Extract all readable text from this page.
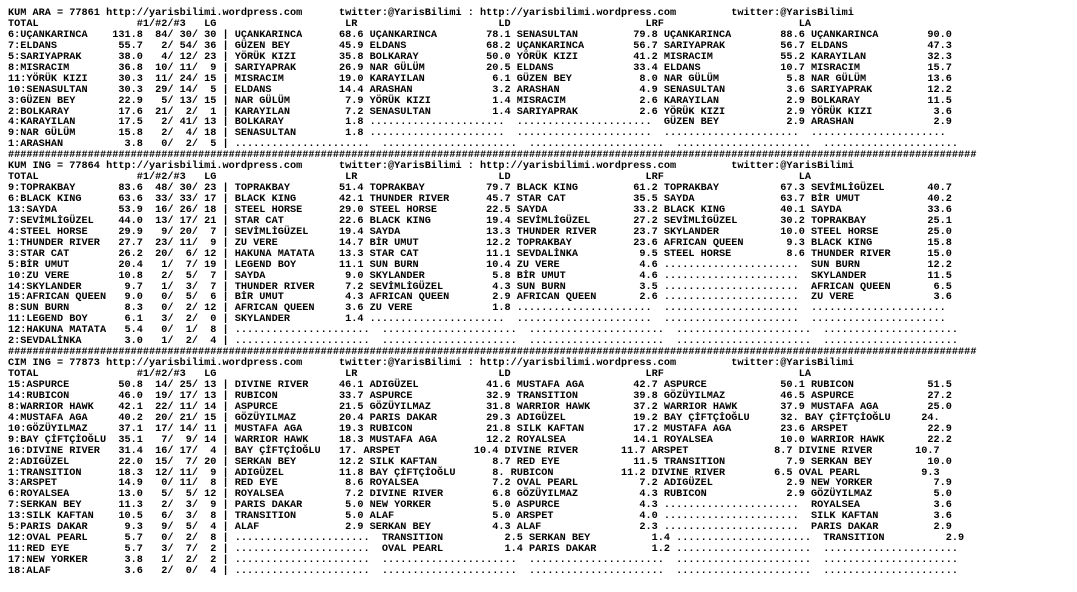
KUM ARA = 77861 http://yarisbilimi.wordpress.com      twitter:@YarisBilimi : http://yarisbilimi.wordpress.com         twitter:@YarisBilimi
TOTAL                #1/#2/#3   LG                     LR                       LD                      LRF                      LA
6:UÇANKARINCA    131.8  84/ 30/ 30 | UÇANKARINCA      68.6 UÇANKARINCA        78.1 SENASULTAN         79.8 UÇANKARINCA        88.6 UÇANKARINCA        90.0
7:ELDANS          55.7   2/ 54/ 36 | GÜZEN BEY        45.9 ELDANS             68.2 UÇANKARINCA        56.7 SARIYAPRAK         56.7 ELDANS             47.3
5:SARIYAPRAK      38.0   4/ 12/ 23 | YÖRÜK KIZI       35.8 BOLKARAY           50.0 YÖRÜK KIZI         41.2 MISRACIM           55.2 KARAYILAN          32.3
8:MISRACIM        36.8  10/ 11/  9 | SARIYAPRAK       26.9 NAR GÜLÜM          20.5 ELDANS             33.4 ELDANS             10.7 MISRACIM           15.7
11:YÖRÜK KIZI     30.3  11/ 24/ 15 | MISRACIM         19.0 KARAYILAN           6.1 GÜZEN BEY           8.0 NAR GÜLÜM           5.8 NAR GÜLÜM          13.6
10:SENASULTAN     30.3  29/ 14/  5 | ELDANS           14.4 ARASHAN             3.2 ARASHAN             4.9 SENASULTAN          3.6 SARIYAPRAK         12.2
3:GÜZEN BEY       22.9   5/ 13/ 15 | NAR GÜLÜM         7.9 YÖRÜK KIZI          1.4 MISRACIM            2.6 KARAYILAN           2.9 BOLKARAY           11.5
2:BOLKARAY        17.6  21/  2/  1 | KARAYILAN         7.2 SENASULTAN          1.4 SARIYAPRAK          2.6 YÖRÜK KIZI          2.9 YÖRÜK KIZI          3.6
4:KARAYILAN       17.5   2/ 41/ 13 | BOLKARAY          1.8 ......................  ......................  GÜZEN BEY           2.9 ARASHAN             2.9
9:NAR GÜLÜM       15.8   2/  4/ 18 | SENASULTAN        1.8 ......................  ......................  ......................  ......................
1:ARASHAN          3.8   0/  2/  5 | ......................  ......................  ......................  ......................  ......................
##############################################################################################################################################################
KUM ING = 77864 http://yarisbilimi.wordpress.com      twitter:@YarisBilimi : http://yarisbilimi.wordpress.com         twitter:@YarisBilimi
TOTAL                #1/#2/#3   LG                     LR                       LD                      LRF                      LA
9:TOPRAKBAY       83.6  48/ 30/ 23 | TOPRAKBAY        51.4 TOPRAKBAY          79.7 BLACK KING         61.2 TOPRAKBAY          67.3 SEVİMLİGÜZEL       40.7
6:BLACK KING      63.6  33/ 33/ 17 | BLACK KING       42.1 THUNDER RIVER      45.7 STAR CAT           35.5 SAYDA              63.7 BİR UMUT           40.2
13:SAYDA          53.9  16/ 26/ 18 | STEEL HORSE      29.0 STEEL HORSE        22.5 SAYDA              33.2 BLACK KING         40.1 SAYDA              33.6
7:SEVİMLİGÜZEL    44.0  13/ 17/ 21 | STAR CAT         22.6 BLACK KING         19.4 SEVİMLİGÜZEL       27.2 SEVİMLİGÜZEL       30.2 TOPRAKBAY          25.1
4:STEEL HORSE     29.9   9/ 20/  7 | SEVİMLİGÜZEL     19.4 SAYDA              13.3 THUNDER RIVER      23.7 SKYLANDER          10.0 STEEL HORSE        25.0
1:THUNDER RIVER   27.7  23/ 11/  9 | ZU VERE          14.7 BİR UMUT           12.2 TOPRAKBAY          23.6 AFRICAN QUEEN       9.3 BLACK KING         15.8
3:STAR CAT        26.2  20/  6/ 12 | HAKUNA MATATA    13.3 STAR CAT           11.1 SEVDALİNKA          9.5 STEEL HORSE         8.6 THUNDER RIVER      15.0
5:BİR UMUT        20.4   1/  7/ 19 | LEGEND BOY       11.1 SUN BURN           10.4 ZU VERE             4.6 ......................  SUN BURN           12.2
10:ZU VERE        10.8   2/  5/  7 | SAYDA             9.0 SKYLANDER           5.8 BİR UMUT            4.6 ......................  SKYLANDER          11.5
14:SKYLANDER       9.7   1/  3/  7 | THUNDER RIVER     7.2 SEVİMLİGÜZEL        4.3 SUN BURN            3.5 ......................  AFRICAN QUEEN       6.5
15:AFRICAN QUEEN   9.0   0/  5/  6 | BİR UMUT          4.3 AFRICAN QUEEN       2.9 AFRICAN QUEEN       2.6 ......................  ZU VERE             3.6
8:SUN BURN         8.3   0/  2/ 12 | AFRICAN QUEEN     3.6 ZU VERE             1.8 ......................  ......................  ......................
11:LEGEND BOY      6.1   3/  2/  0 | SKYLANDER         1.4 ......................  ......................  ......................  ......................
12:HAKUNA MATATA   5.4   0/  1/  8 | ......................  ......................  ......................  ......................  ......................
2:SEVDALİNKA       3.0   1/  2/  4 | ......................  ......................  ......................  ......................  ......................
##############################################################################################################################################################
CIM ING = 77873 http://yarisbilimi.wordpress.com      twitter:@YarisBilimi : http://yarisbilimi.wordpress.com         twitter:@YarisBilimi
TOTAL                #1/#2/#3   LG                     LR                       LD                      LRF                      LA
15:ASPURCE        50.8  14/ 25/ 13 | DIVINE RIVER     46.1 ADIGÜZEL           41.6 MUSTAFA AGA        42.7 ASPURCE            50.1 RUBICON            51.5
14:RUBICON        46.0  19/ 17/ 13 | RUBICON          33.7 ASPURCE            32.9 TRANSITION         39.8 GÖZÜYILMAZ         46.5 ASPURCE            27.2
8:WARRIOR HAWK    42.1  22/ 11/ 14 | ASPURCE          21.5 GÖZÜYILMAZ         31.8 WARRIOR HAWK       37.2 WARRIOR HAWK       37.9 MUSTAFA AGA        25.0
4:MUSTAFA AGA     40.2  20/ 21/ 15 | GÖZÜYILMAZ       20.4 PARIS DAKAR        29.3 ADIGÜZEL           19.2 BAY ÇİFTÇİOĞLU     32. BAY ÇİFTÇİOĞLU     24.
10:GÖZÜYILMAZ     37.1  17/ 14/ 11 | MUSTAFA AGA      19.3 RUBICON            21.8 SILK KAFTAN        17.2 MUSTAFA AGA        23.6 ARSPET             22.9
9:BAY ÇİFTÇİOĞLU  35.1   7/  9/ 14 | WARRIOR HAWK     18.3 MUSTAFA AGA        12.2 ROYALSEA           14.1 ROYALSEA           10.0 WARRIOR HAWK       22.2
16:DIVINE RIVER   31.4  16/ 17/  4 | BAY ÇİFTÇİOĞLU   17. ARSPET            10.4 DIVINE RIVER       11.7 ARSPET              8.7 DIVINE RIVER       10.7
2:ADIGÜZEL        22.0  15/  7/ 20 | SERKAN BEY       12.2 SILK KAFTAN         8.7 RED EYE            11.5 TRANSITION          7.9 SERKAN BEY         10.0
1:TRANSITION      18.3  12/ 11/  9 | ADIGÜZEL         11.8 BAY ÇİFTÇİOĞLU      8. RUBICON           11.2 DIVINE RIVER        6.5 OVAL PEARL          9.3
3:ARSPET          14.9   0/ 11/  8 | RED EYE           8.6 ROYALSEA            7.2 OVAL PEARL          7.2 ADIGÜZEL            2.9 NEW YORKER          7.9
6:ROYALSEA        13.0   5/  5/ 12 | ROYALSEA          7.2 DIVINE RIVER        6.8 GÖZÜYILMAZ          4.3 RUBICON             2.9 GÖZÜYILMAZ          5.0
7:SERKAN BEY      11.3   2/  3/  9 | PARIS DAKAR       5.0 NEW YORKER          5.0 ASPURCE             4.3 ......................  ROYALSEA            3.6
13:SILK KAFTAN    10.5   6/  3/  8 | TRANSITION        5.0 ALAF                5.0 ARSPET              4.0 ......................  SILK KAFTAN         3.6
5:PARIS DAKAR      9.3   9/  5/  4 | ALAF              2.9 SERKAN BEY          4.3 ALAF                2.3 ......................  PARIS DAKAR         2.9
12:OVAL PEARL      5.7   0/  2/  8 | ......................  TRANSITION          2.5 SERKAN BEY          1.4 ......................  TRANSITION          2.9
11:RED EYE         5.7   3/  7/  2 | ......................  OVAL PEARL          1.4 PARIS DAKAR         1.2 ......................  ......................
17:NEW YORKER      3.8   1/  2/  2 | ......................  ......................  ......................  ......................  ......................
18:ALAF            3.6   2/  0/  4 | ......................  ......................  ......................  ......................  ......................
